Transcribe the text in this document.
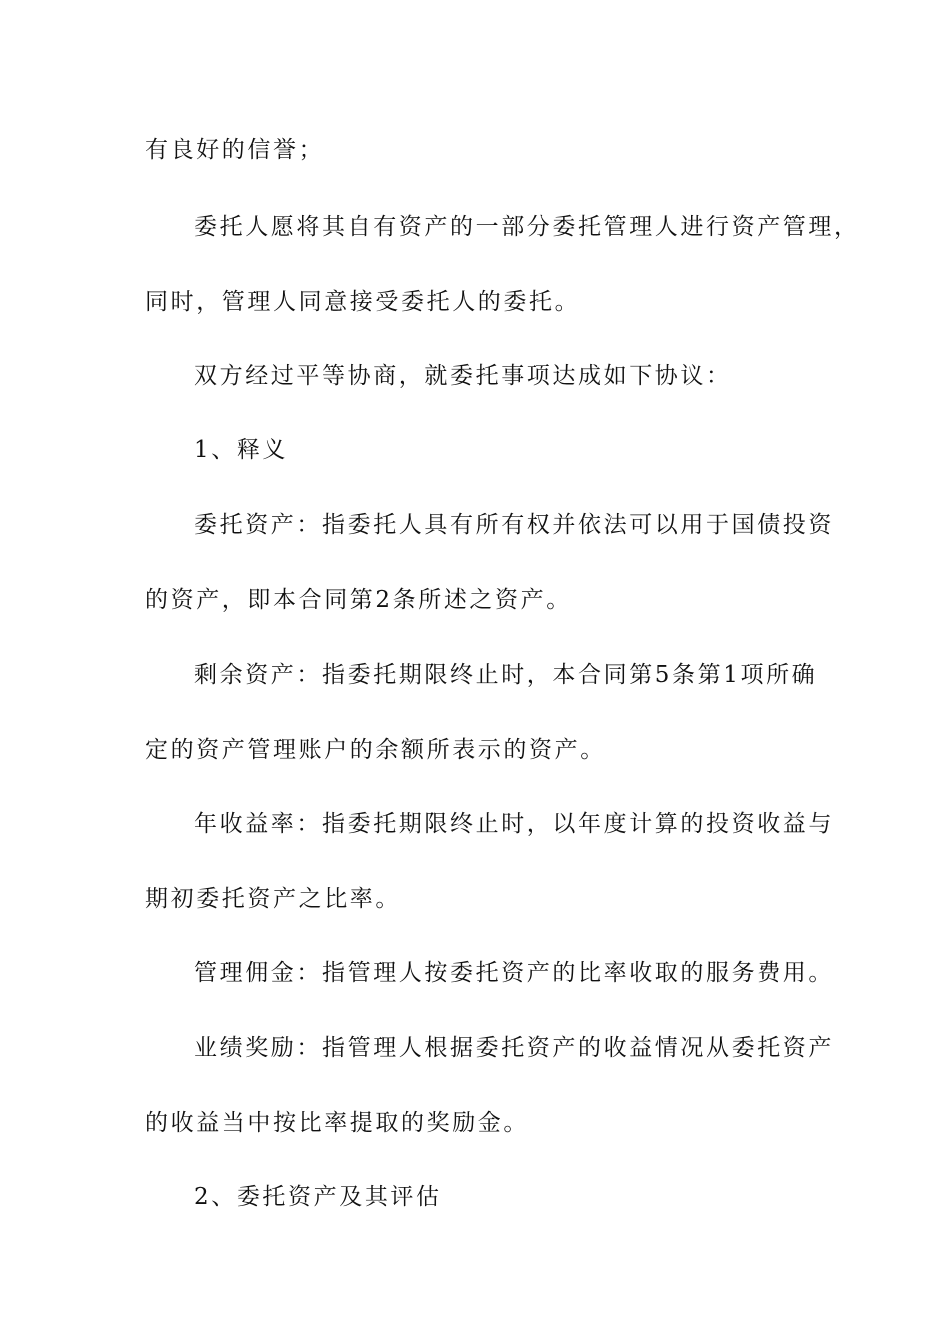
有良好的信誉；

委托人愿将其自有资产的一部分委托管理人进行资产管理，

同时，管理人同意接受委托人的委托。

双方经过平等协商，就委托事项达成如下协议：

1、释义

委托资产：指委托人具有所有权并依法可以用于国债投资

的资产，即本合同第2条所述之资产。

剩余资产：指委托期限终止时，本合同第5条第1项所确

定的资产管理账户的余额所表示的资产。

年收益率：指委托期限终止时，以年度计算的投资收益与

期初委托资产之比率。

管理佣金：指管理人按委托资产的比率收取的服务费用。

业绩奖励：指管理人根据委托资产的收益情况从委托资产

的收益当中按比率提取的奖励金。

2、委托资产及其评估
